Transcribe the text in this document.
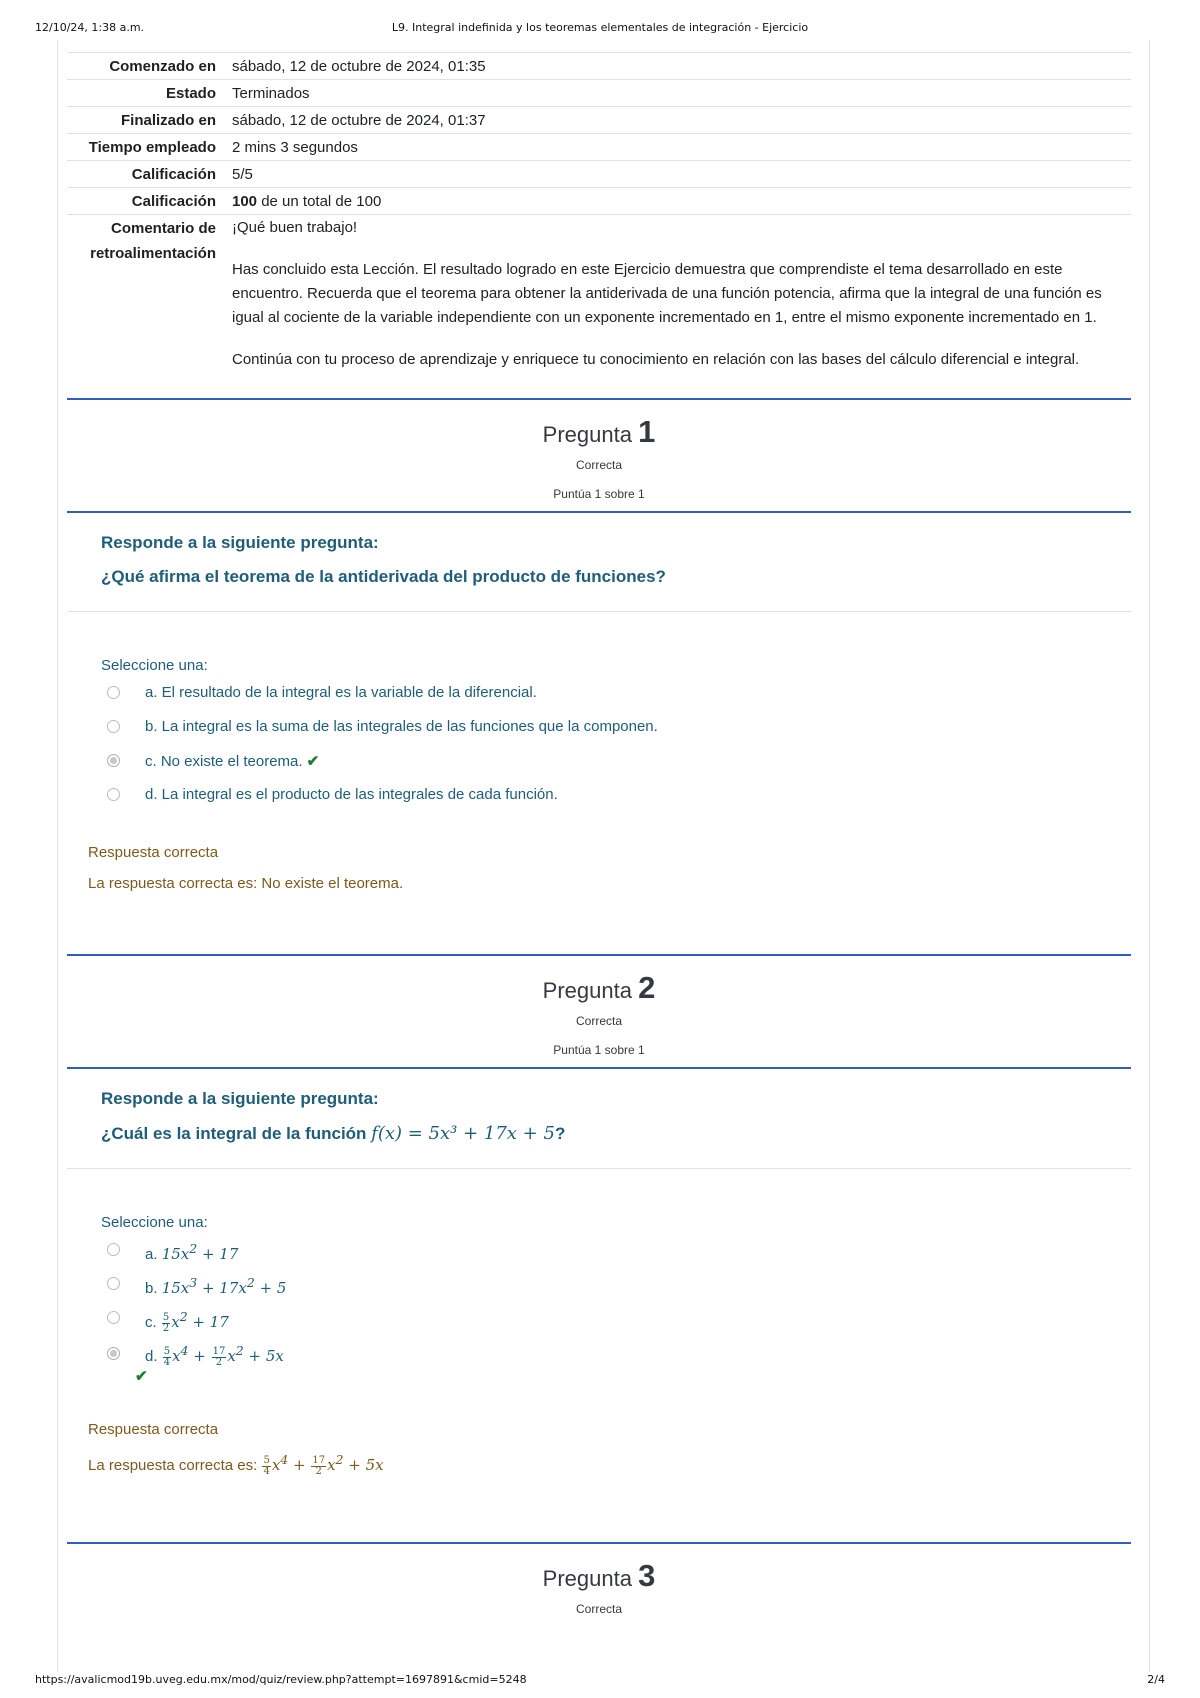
12/10/24, 1:38 a.m.	L9. Integral indefinida y los teoremas elementales de integración - Ejercicio
Comenzado en sábado, 12 de octubre de 2024, 01:35
Estado Terminados
Finalizado en sábado, 12 de octubre de 2024, 01:37
Tiempo empleado 2 mins 3 segundos
Calificación 5/5
Calificación 100 de un total de 100
Comentario de
retroalimentación

¡Qué buen trabajo!

Has concluido esta Lección. El resultado logrado en este Ejercicio demuestra que comprendiste el tema desarrollado en este encuentro. Recuerda que el teorema para obtener la antiderivada de una función potencia, afirma que la integral de una función es igual al cociente de la variable independiente con un exponente incrementado en 1, entre el mismo exponente incrementado en 1.

Continúa con tu proceso de aprendizaje y enriquece tu conocimiento en relación con las bases del cálculo diferencial e integral.

Pregunta 1
Correcta
Puntúa 1 sobre 1
Responde a la siguiente pregunta:
¿Qué afirma el teorema de la antiderivada del producto de funciones?
Seleccione una:
a. El resultado de la integral es la variable de la diferencial.
b. La integral es la suma de las integrales de las funciones que la componen.
c. No existe el teorema. ✔
d. La integral es el producto de las integrales de cada función.
Respuesta correcta
La respuesta correcta es: No existe el teorema.
Pregunta 2
Correcta
Puntúa 1 sobre 1
Responde a la siguiente pregunta:
¿Cuál es la integral de la función f(x) = 5x³ + 17x + 5?
Seleccione una:
a. $15x^2 + 17$
b. $15x^3 + 17x^2 + 5$
c. $\frac{5}{2} x^2 + 17$
d. $\frac{5}{4} x^4 + \frac{17}{2} x^2 + 5x$
✔
Respuesta correcta
La respuesta correcta es: $\frac{5}{4} x^4 + \frac{17}{2} x^2 + 5x$
Pregunta 3
Correcta
https://avalicmod19b.uveg.edu.mx/mod/quiz/review.php?attempt=1697891&cmid=5248	2/4
